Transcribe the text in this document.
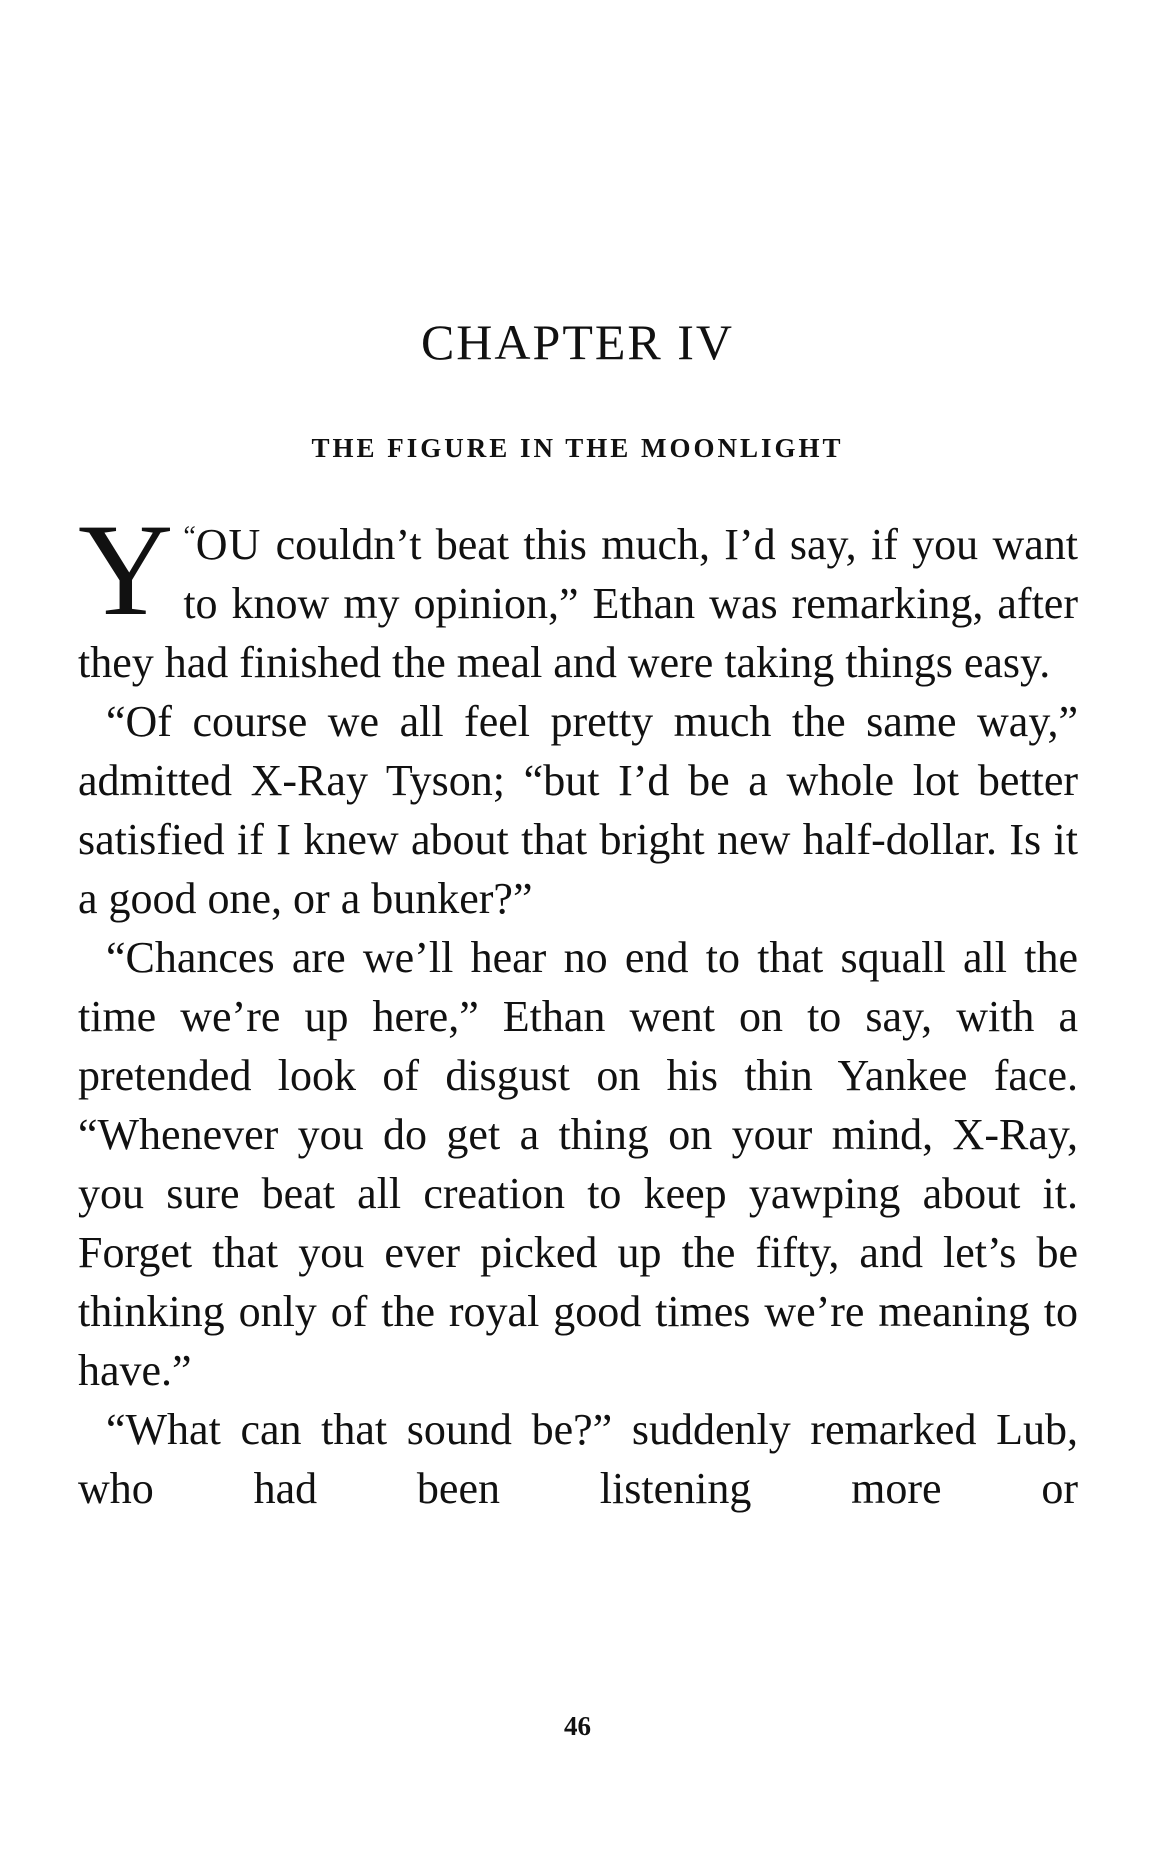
CHAPTER IV
THE FIGURE IN THE MOONLIGHT

“
Y OU couldn’t beat this much, I’d say, if you want to know my opinion,” Ethan was remarking, after they had finished the meal and were taking things easy.

“Of course we all feel pretty much the same way,” admitted X-Ray Tyson; “but I’d be a whole lot better satisfied if I knew about that bright new half-dollar. Is it a good one, or a bunker?”

“Chances are we’ll hear no end to that squall all the time we’re up here,” Ethan went on to say, with a pretended look of disgust on his thin Yankee face. “Whenever you do get a thing on your mind, X-Ray, you sure beat all creation to keep yawping about it. Forget that you ever picked up the fifty, and let’s be thinking only of the royal good times we’re meaning to have.”

“What can that sound be?” suddenly remarked Lub, who had been listening more or

46
